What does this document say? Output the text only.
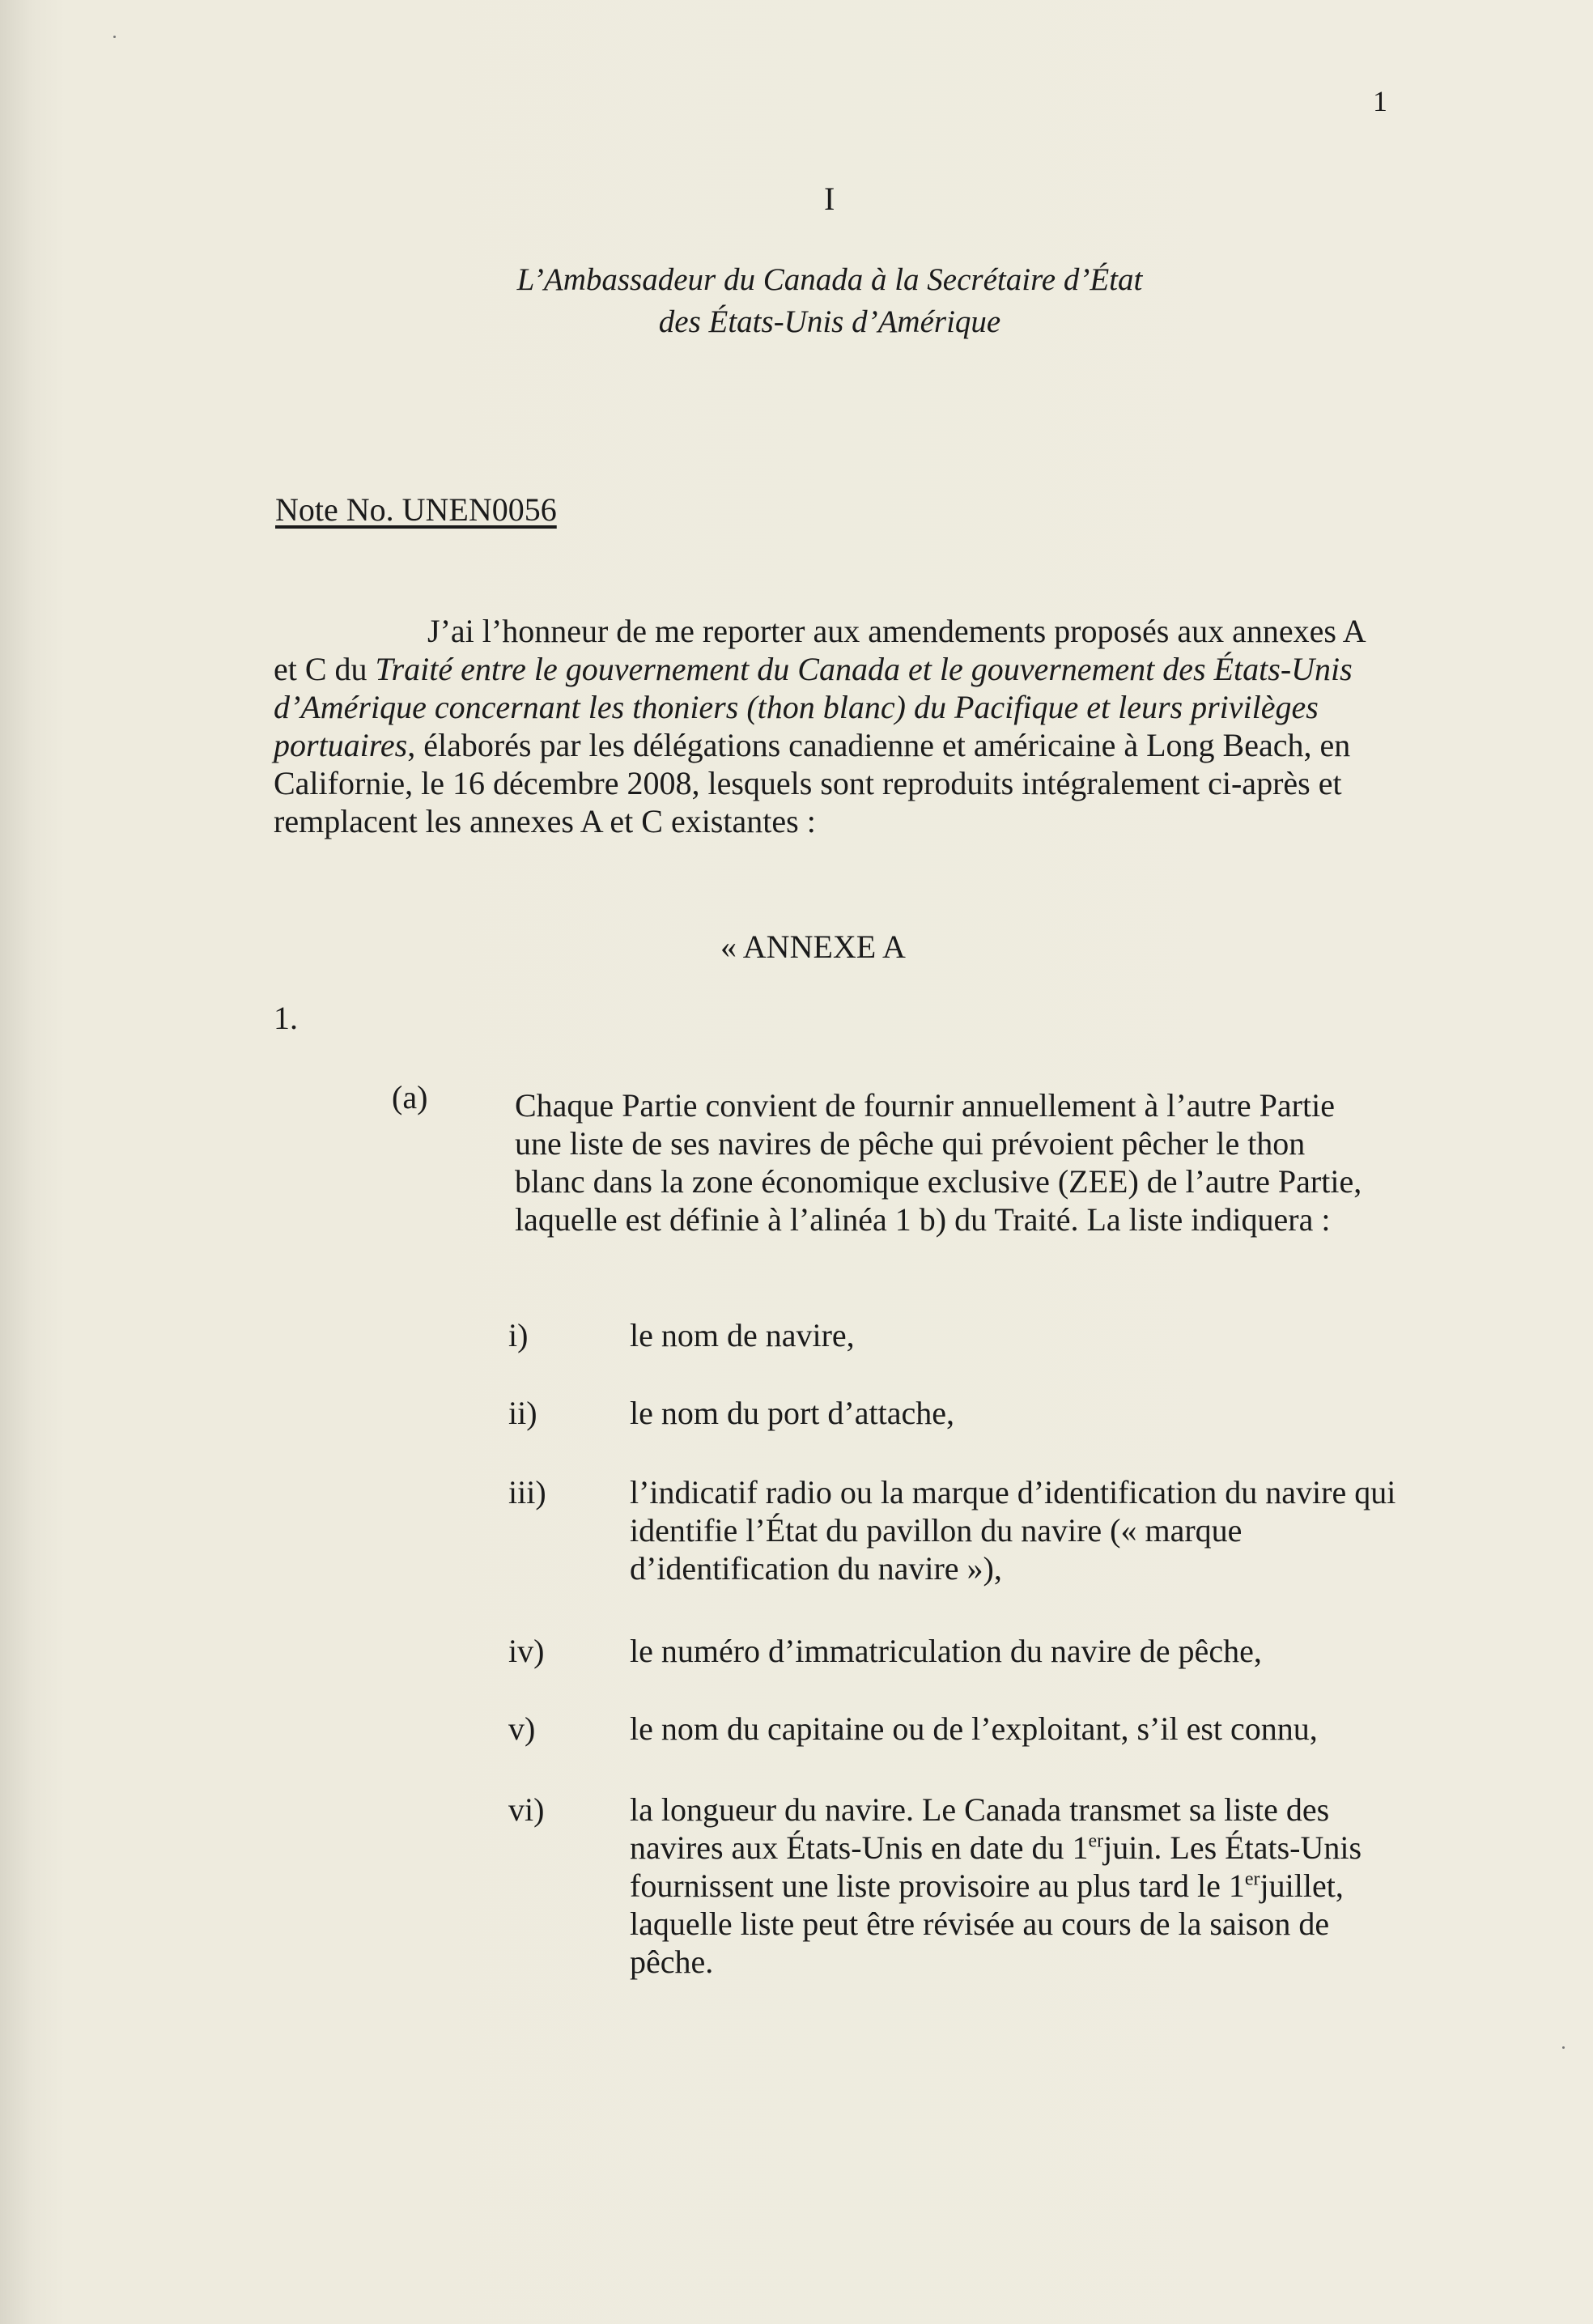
1
I
L’Ambassadeur du Canada à la Secrétaire d’État
des États-Unis d’Amérique
Note No. UNEN0056

J’ai l’honneur de me reporter aux amendements proposés aux annexes A et C du Traité entre le gouvernement du Canada et le gouvernement des États-Unis d’Amérique concernant les thoniers (thon blanc) du Pacifique et leurs privilèges portuaires, élaborés par les délégations canadienne et américaine à Long Beach, en Californie, le 16 décembre 2008, lesquels sont reproduits intégralement ci-après et remplacent les annexes A et C existantes :

« ANNEXE A
1.
(a)	Chaque Partie convient de fournir annuellement à l’autre Partie une liste de ses navires de pêche qui prévoient pêcher le thon blanc dans la zone économique exclusive (ZEE) de l’autre Partie, laquelle est définie à l’alinéa 1 b) du Traité. La liste indiquera :
i)	le nom de navire,
ii)	le nom du port d’attache,
iii)	l’indicatif radio ou la marque d’identification du navire qui identifie l’État du pavillon du navire (« marque d’identification du navire »),
iv)	le numéro d’immatriculation du navire de pêche,
v)	le nom du capitaine ou de l’exploitant, s’il est connu,
vi)	la longueur du navire. Le Canada transmet sa liste des navires aux États-Unis en date du 1erjuin. Les États-Unis fournissent une liste provisoire au plus tard le 1erjuillet, laquelle liste peut être révisée au cours de la saison de pêche.
